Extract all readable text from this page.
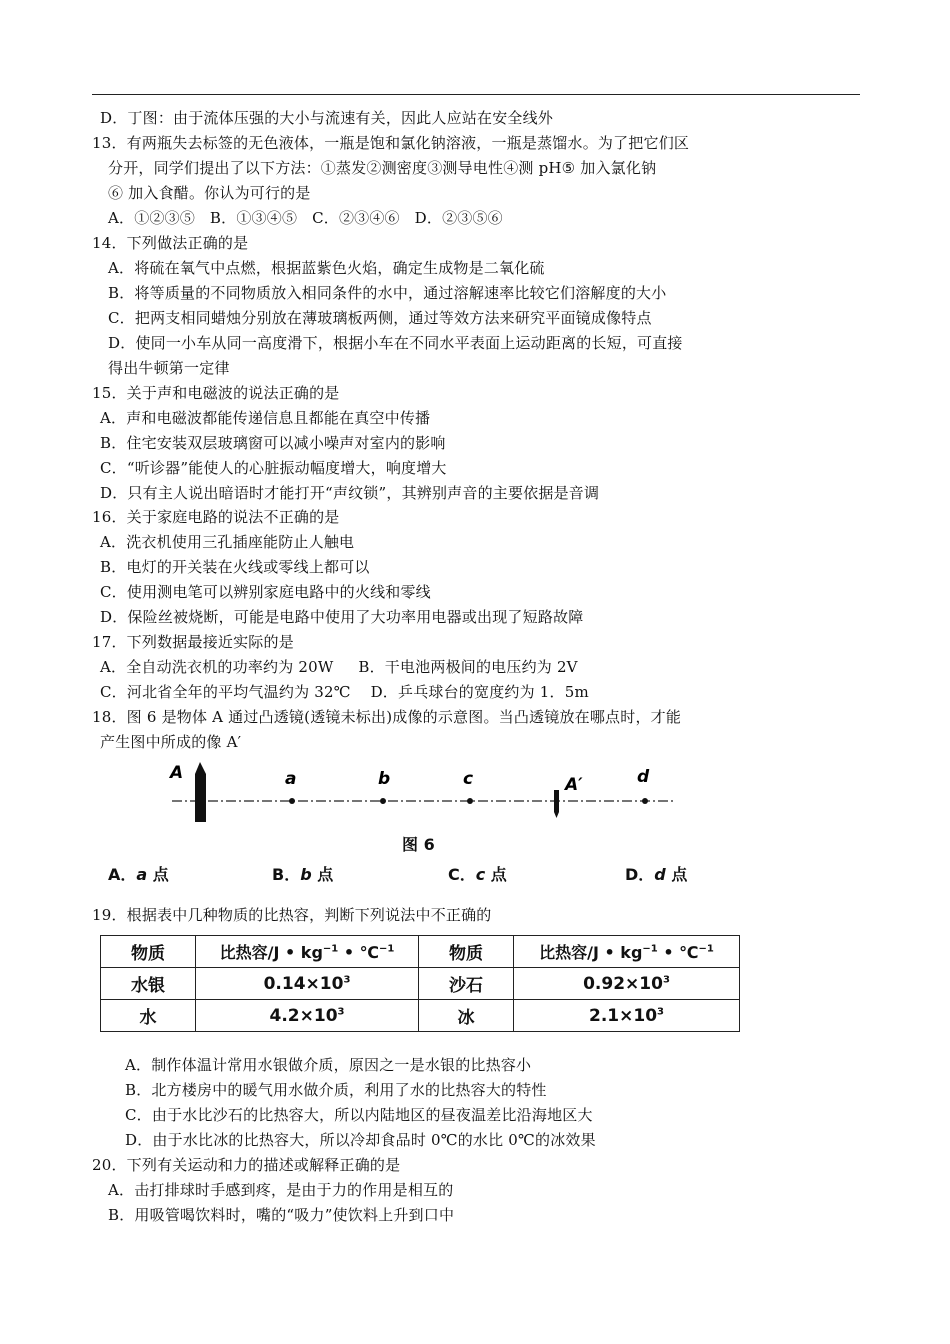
D．丁图：由于流体压强的大小与流速有关，因此人应站在安全线外
13．有两瓶失去标签的无色液体，一瓶是饱和氯化钠溶液，一瓶是蒸馏水。为了把它们区
分开，同学们提出了以下方法：①蒸发②测密度③测导电性④测 pH⑤ 加入氯化钠
⑥ 加入食醋。你认为可行的是
A．①②③⑤   B．①③④⑤   C．②③④⑥   D．②③⑤⑥
14．下列做法正确的是
A．将硫在氧气中点燃，根据蓝紫色火焰，确定生成物是二氧化硫
B．将等质量的不同物质放入相同条件的水中，通过溶解速率比较它们溶解度的大小
C．把两支相同蜡烛分别放在薄玻璃板两侧，通过等效方法来研究平面镜成像特点
D．使同一小车从同一高度滑下，根据小车在不同水平表面上运动距离的长短，可直接
得出牛顿第一定律
15．关于声和电磁波的说法正确的是
A．声和电磁波都能传递信息且都能在真空中传播
B．住宅安装双层玻璃窗可以减小噪声对室内的影响
C．“听诊器”能使人的心脏振动幅度增大，响度增大
D．只有主人说出暗语时才能打开“声纹锁”，其辨别声音的主要依据是音调
16．关于家庭电路的说法不正确的是
A．洗衣机使用三孔插座能防止人触电
B．电灯的开关装在火线或零线上都可以
C．使用测电笔可以辨别家庭电路中的火线和零线
D．保险丝被烧断，可能是电路中使用了大功率用电器或出现了短路故障
17．下列数据最接近实际的是
A．全自动洗衣机的功率约为 20W     B．干电池两极间的电压约为 2V
C．河北省全年的平均气温约为 32℃    D．乒乓球台的宽度约为 1．5m
18．图 6 是物体 A 通过凸透镜(透镜未标出)成像的示意图。当凸透镜放在哪点时，才能
产生图中所成的像 A′
A	a	b	c	A′	d
图 6
A．a 点	B．b 点	C．c 点	D．d 点
19．根据表中几种物质的比热容，判断下列说法中不正确的
物质	比热容/J • $kg^{-1}$ • ℃$^{-1}$	物质	比热容/J • $kg^{-1}$ • ℃$^{-1}$
水银	$0.14\times 10^3$	沙石	$0.92\times 10^3$
水	$4.2\times 10^3$	冰	$2.1\times 10^3$
A．制作体温计常用水银做介质，原因之一是水银的比热容小
B．北方楼房中的暖气用水做介质，利用了水的比热容大的特性
C．由于水比沙石的比热容大，所以内陆地区的昼夜温差比沿海地区大
D．由于水比冰的比热容大，所以冷却食品时 0℃的水比 0℃的冰效果
20．下列有关运动和力的描述或解释正确的是
A．击打排球时手感到疼，是由于力的作用是相互的
B．用吸管喝饮料时，嘴的“吸力”使饮料上升到口中
